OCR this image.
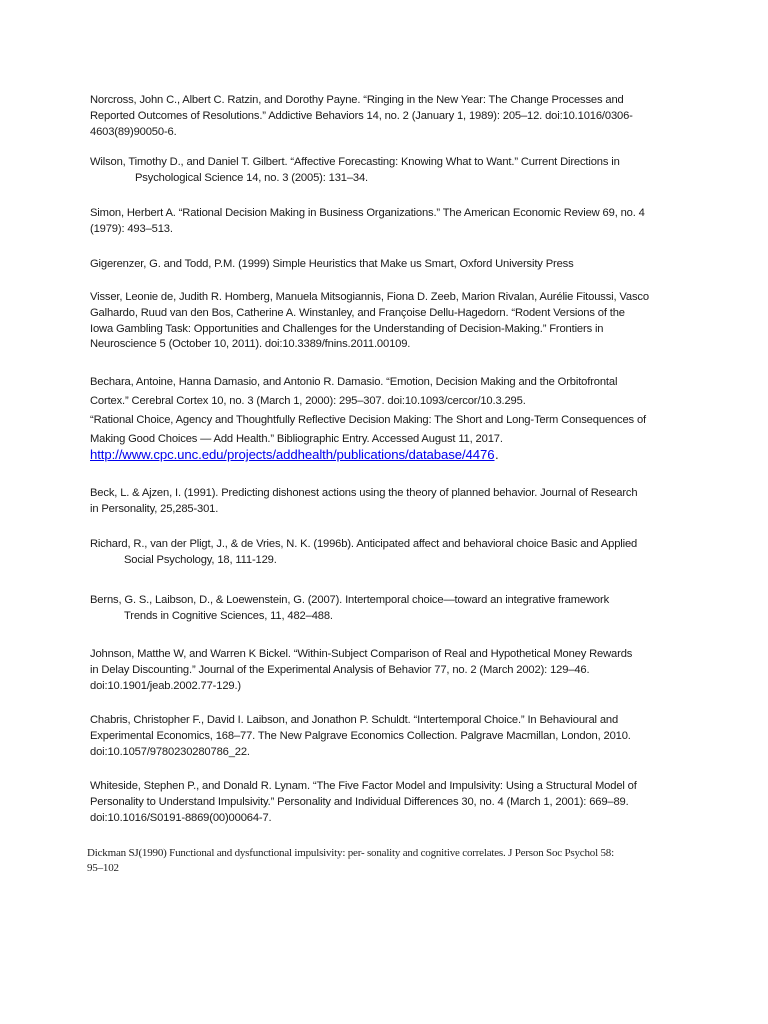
Norcross, John C., Albert C. Ratzin, and Dorothy Payne. “Ringing in the New Year: The Change Processes and
Reported Outcomes of Resolutions.” Addictive Behaviors 14, no. 2 (January 1, 1989): 205–12. doi:10.1016/0306-
4603(89)90050-6.

Wilson, Timothy D., and Daniel T. Gilbert. “Affective Forecasting: Knowing What to Want.” Current Directions in
Psychological Science 14, no. 3 (2005): 131–34.

Simon, Herbert A. “Rational Decision Making in Business Organizations.” The American Economic Review 69, no. 4
(1979): 493–513.

Gigerenzer, G. and Todd, P.M. (1999) Simple Heuristics that Make us Smart, Oxford University Press

Visser, Leonie de, Judith R. Homberg, Manuela Mitsogiannis, Fiona D. Zeeb, Marion Rivalan, Aurélie Fitoussi, Vasco
Galhardo, Ruud van den Bos, Catherine A. Winstanley, and Françoise Dellu-Hagedorn. “Rodent Versions of the
Iowa Gambling Task: Opportunities and Challenges for the Understanding of Decision-Making.” Frontiers in
Neuroscience 5 (October 10, 2011). doi:10.3389/fnins.2011.00109.

Bechara, Antoine, Hanna Damasio, and Antonio R. Damasio. “Emotion, Decision Making and the Orbitofrontal
Cortex.” Cerebral Cortex 10, no. 3 (March 1, 2000): 295–307. doi:10.1093/cercor/10.3.295.
“Rational Choice, Agency and Thoughtfully Reflective Decision Making: The Short and Long-Term Consequences of
Making Good Choices — Add Health.” Bibliographic Entry. Accessed August 11, 2017.

http://www.cpc.unc.edu/projects/addhealth/publications/database/4476 .

Beck, L. & Ajzen, I. (1991). Predicting dishonest actions using the theory of planned behavior. Journal of Research
in Personality, 25,285-301.

Richard, R., van der Pligt, J., & de Vries, N. K. (1996b). Anticipated affect and behavioral choice Basic and Applied
Social Psychology, 18, 111-129.

Berns, G. S., Laibson, D., & Loewenstein, G. (2007). Intertemporal choice—toward an integrative framework
Trends in Cognitive Sciences, 11, 482–488.

Johnson, Matthe W, and Warren K Bickel. “Within-Subject Comparison of Real and Hypothetical Money Rewards
in Delay Discounting.” Journal of the Experimental Analysis of Behavior 77, no. 2 (March 2002): 129–46.
doi:10.1901/jeab.2002.77-129.)

Chabris, Christopher F., David I. Laibson, and Jonathon P. Schuldt. “Intertemporal Choice.” In Behavioural and
Experimental Economics, 168–77. The New Palgrave Economics Collection. Palgrave Macmillan, London, 2010.
doi:10.1057/9780230280786_22.

Whiteside, Stephen P., and Donald R. Lynam. “The Five Factor Model and Impulsivity: Using a Structural Model of
Personality to Understand Impulsivity.” Personality and Individual Differences 30, no. 4 (March 1, 2001): 669–89.
doi:10.1016/S0191-8869(00)00064-7.

Dickman SJ(1990) Functional and dysfunctional impulsivity: per- sonality and cognitive correlates. J Person Soc Psychol 58:
95–102
